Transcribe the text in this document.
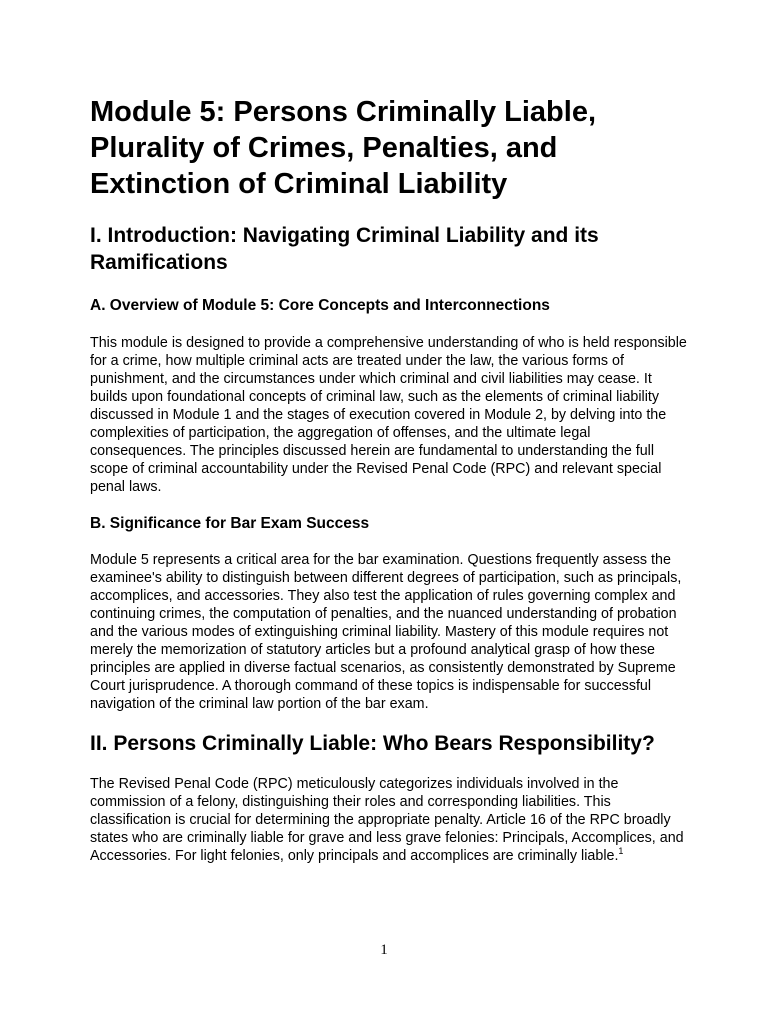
Module 5: Persons Criminally Liable, Plurality of Crimes, Penalties, and Extinction of Criminal Liability
I. Introduction: Navigating Criminal Liability and its Ramifications
A. Overview of Module 5: Core Concepts and Interconnections

This module is designed to provide a comprehensive understanding of who is held responsible for a crime, how multiple criminal acts are treated under the law, the various forms of punishment, and the circumstances under which criminal and civil liabilities may cease. It builds upon foundational concepts of criminal law, such as the elements of criminal liability discussed in Module 1 and the stages of execution covered in Module 2, by delving into the complexities of participation, the aggregation of offenses, and the ultimate legal consequences. The principles discussed herein are fundamental to understanding the full scope of criminal accountability under the Revised Penal Code (RPC) and relevant special penal laws.

B. Significance for Bar Exam Success

Module 5 represents a critical area for the bar examination. Questions frequently assess the examinee's ability to distinguish between different degrees of participation, such as principals, accomplices, and accessories. They also test the application of rules governing complex and continuing crimes, the computation of penalties, and the nuanced understanding of probation and the various modes of extinguishing criminal liability. Mastery of this module requires not merely the memorization of statutory articles but a profound analytical grasp of how these principles are applied in diverse factual scenarios, as consistently demonstrated by Supreme Court jurisprudence. A thorough command of these topics is indispensable for successful navigation of the criminal law portion of the bar exam.

II. Persons Criminally Liable: Who Bears Responsibility?

The Revised Penal Code (RPC) meticulously categorizes individuals involved in the commission of a felony, distinguishing their roles and corresponding liabilities. This classification is crucial for determining the appropriate penalty. Article 16 of the RPC broadly states who are criminally liable for grave and less grave felonies: Principals, Accomplices, and Accessories. For light felonies, only principals and accomplices are criminally liable.$^1$

1
